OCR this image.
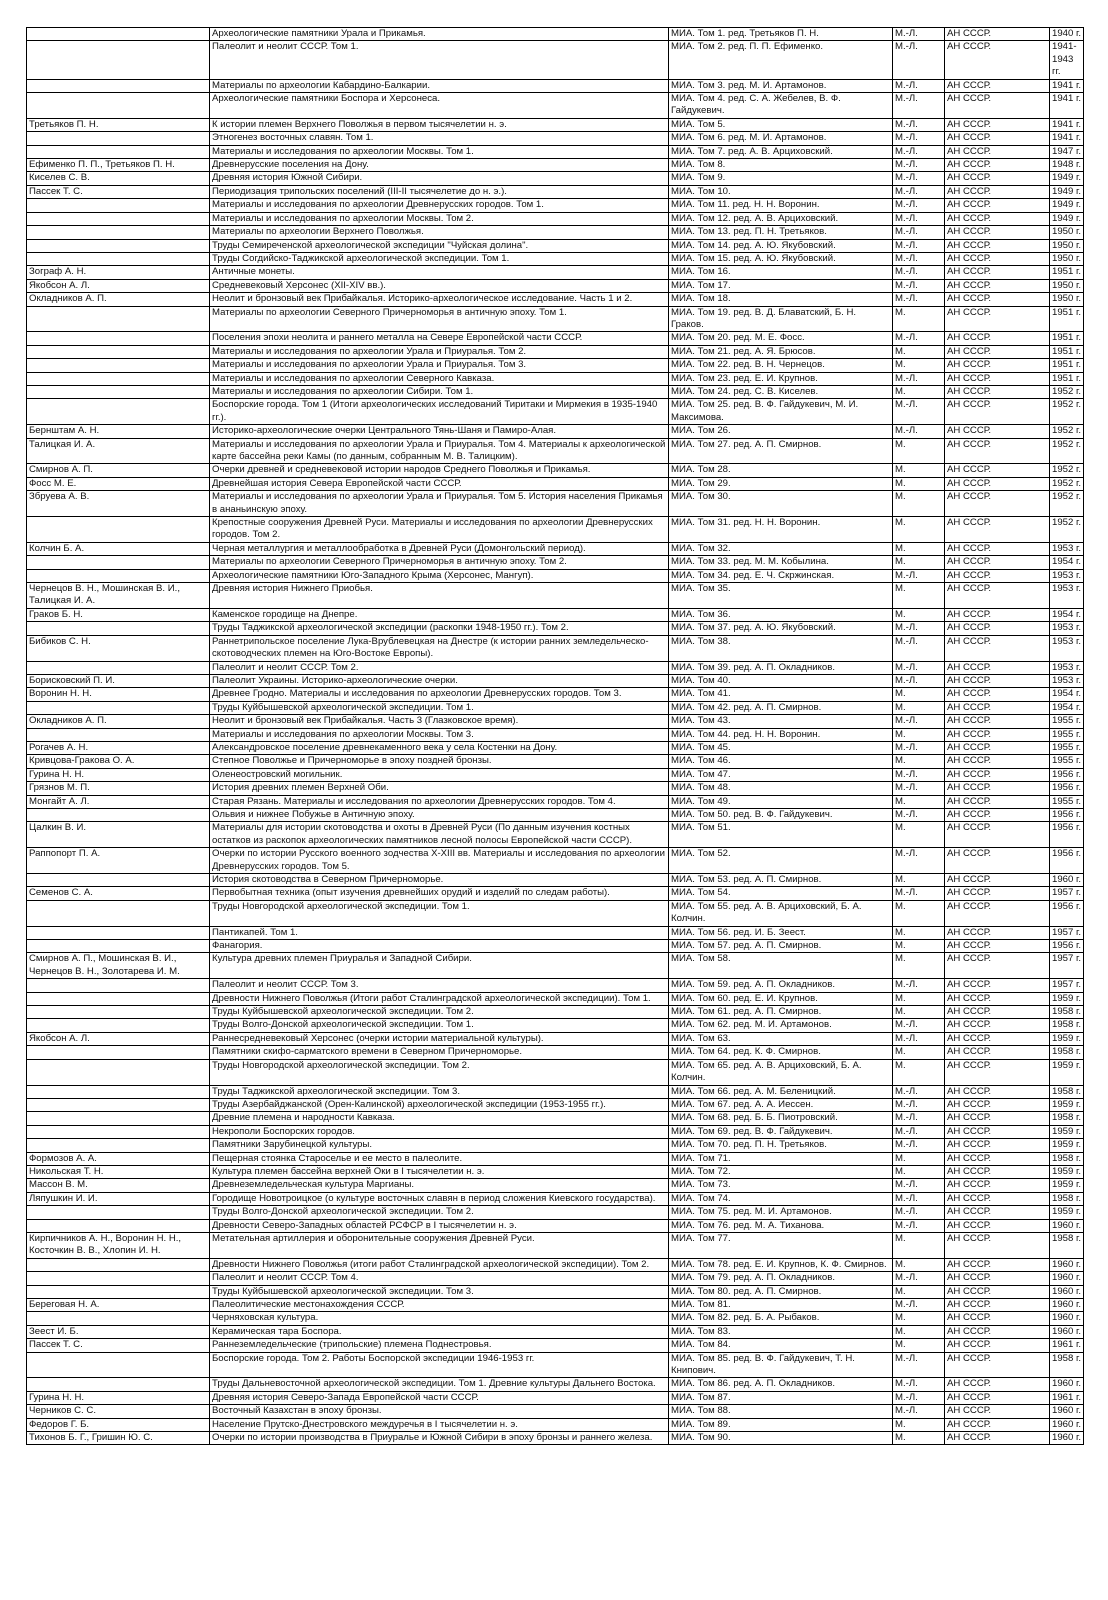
	Археологические памятники Урала и Прикамья.	МИА. Том 1. ред. Третьяков П. Н.	М.-Л.	АН СССР.	1940 г.
	Палеолит и неолит СССР. Том 1.	МИА. Том 2. ред. П. П. Ефименко.	М.-Л.	АН СССР.	1941-1943 гг.
	Материалы по археологии Кабардино-Балкарии.	МИА. Том 3. ред. М. И. Артамонов.	М.-Л.	АН СССР.	1941 г.
	Археологические памятники Боспора и Херсонеса.	МИА. Том 4. ред. С. А. Жебелев, В. Ф. Гайдукевич.	М.-Л.	АН СССР.	1941 г.
Третьяков П. Н.	К истории племен Верхнего Поволжья в первом тысячелетии н. э.	МИА. Том 5.	М.-Л.	АН СССР.	1941 г.
	Этногенез восточных славян. Том 1.	МИА. Том 6. ред. М. И. Артамонов.	М.-Л.	АН СССР.	1941 г.
	Материалы и исследования по археологии Москвы. Том 1.	МИА. Том 7. ред. А. В. Арциховский.	М.-Л.	АН СССР.	1947 г.
Ефименко П. П., Третьяков П. Н.	Древнерусские поселения на Дону.	МИА. Том 8.	М.-Л.	АН СССР.	1948 г.
Киселев С. В.	Древняя история Южной Сибири.	МИА. Том 9.	М.-Л.	АН СССР.	1949 г.
Пассек Т. С.	Периодизация трипольских поселений (III-II тысячелетие до н. э.).	МИА. Том 10.	М.-Л.	АН СССР.	1949 г.
	Материалы и исследования по археологии Древнерусских городов. Том 1.	МИА. Том 11. ред. Н. Н. Воронин.	М.-Л.	АН СССР.	1949 г.
	Материалы и исследования по археологии Москвы. Том 2.	МИА. Том 12. ред. А. В. Арциховский.	М.-Л.	АН СССР.	1949 г.
	Материалы по археологии Верхнего Поволжья.	МИА. Том 13. ред. П. Н. Третьяков.	М.-Л.	АН СССР.	1950 г.
	Труды Семиреченской археологической экспедиции "Чуйская долина".	МИА. Том 14. ред. А. Ю. Якубовский.	М.-Л.	АН СССР.	1950 г.
	Труды Согдийско-Таджикской археологической экспедиции. Том 1.	МИА. Том 15. ред. А. Ю. Якубовский.	М.-Л.	АН СССР.	1950 г.
Зограф А. Н.	Античные монеты.	МИА. Том 16.	М.-Л.	АН СССР.	1951 г.
Якобсон А. Л.	Средневековый Херсонес (XII-XIV вв.).	МИА. Том 17.	М.-Л.	АН СССР.	1950 г.
Окладников А. П.	Неолит и бронзовый век Прибайкалья. Историко-археологическое исследование. Часть 1 и 2.	МИА. Том 18.	М.-Л.	АН СССР.	1950 г.
	Материалы по археологии Северного Причерноморья в античную эпоху. Том 1.	МИА. Том 19. ред. В. Д. Блаватский, Б. Н. Граков.	М.	АН СССР.	1951 г.
	Поселения эпохи неолита и раннего металла на Севере Европейской части СССР.	МИА. Том 20. ред. М. Е. Фосс.	М.-Л.	АН СССР.	1951 г.
	Материалы и исследования по археологии Урала и Приуралья. Том 2.	МИА. Том 21. ред. А. Я. Брюсов.	М.	АН СССР.	1951 г.
	Материалы и исследования по археологии Урала и Приуралья. Том 3.	МИА. Том 22. ред. В. Н. Чернецов.	М.	АН СССР.	1951 г.
	Материалы и исследования по археологии Северного Кавказа.	МИА. Том 23. ред. Е. И. Крупнов.	М.-Л.	АН СССР.	1951 г.
	Материалы и исследования по археологии Сибири. Том 1.	МИА. Том 24. ред. С. В. Киселев.	М.	АН СССР.	1952 г.
	Боспорские города. Том 1 (Итоги археологических исследований Тиритаки и Мирмекия в 1935-1940 гг.).	МИА. Том 25. ред. В. Ф. Гайдукевич, М. И. Максимова.	М.-Л.	АН СССР.	1952 г.
Бернштам А. Н.	Историко-археологические очерки Центрального Тянь-Шаня и Памиро-Алая.	МИА. Том 26.	М.-Л.	АН СССР.	1952 г.
Талицкая И. А.	Материалы и исследования по археологии Урала и Приуралья. Том 4. Материалы к археологической карте бассейна реки Камы (по данным, собранным М. В. Талицким).	МИА. Том 27. ред. А. П. Смирнов.	М.	АН СССР.	1952 г.
Смирнов А. П.	Очерки древней и средневековой истории народов Среднего Поволжья и Прикамья.	МИА. Том 28.	М.	АН СССР.	1952 г.
Фосс М. Е.	Древнейшая история Севера Европейской части СССР.	МИА. Том 29.	М.	АН СССР.	1952 г.
Збруева А. В.	Материалы и исследования по археологии Урала и Приуралья. Том 5. История населения Прикамья в ананьинскую эпоху.	МИА. Том 30.	М.	АН СССР.	1952 г.
	Крепостные сооружения Древней Руси. Материалы и исследования по археологии Древнерусских городов. Том 2.	МИА. Том 31. ред. Н. Н. Воронин.	М.	АН СССР.	1952 г.
Колчин Б. А.	Черная металлургия и металлообработка в Древней Руси (Домонгольский период).	МИА. Том 32.	М.	АН СССР.	1953 г.
	Материалы по археологии Северного Причерноморья в античную эпоху. Том 2.	МИА. Том 33. ред. М. М. Кобылина.	М.	АН СССР.	1954 г.
	Археологические памятники Юго-Западного Крыма (Херсонес, Мангуп).	МИА. Том 34. ред. Е. Ч. Скржинская.	М.-Л.	АН СССР.	1953 г.
Чернецов В. Н., Мошинская В. И., Талицкая И. А.	Древняя история Нижнего Приобья.	МИА. Том 35.	М.	АН СССР.	1953 г.
Граков Б. Н.	Каменское городище на Днепре.	МИА. Том 36.	М.	АН СССР.	1954 г.
	Труды Таджикской археологической экспедиции (раскопки 1948-1950 гг.). Том 2.	МИА. Том 37. ред. А. Ю. Якубовский.	М.-Л.	АН СССР.	1953 г.
Бибиков С. Н.	Раннетрипольское поселение Лука-Врублевецкая на Днестре (к истории ранних земледельческо-скотоводческих племен на Юго-Востоке Европы).	МИА. Том 38.	М.-Л.	АН СССР.	1953 г.
	Палеолит и неолит СССР. Том 2.	МИА. Том 39. ред. А. П. Окладников.	М.-Л.	АН СССР.	1953 г.
Борисковский П. И.	Палеолит Украины. Историко-археологические очерки.	МИА. Том 40.	М.-Л.	АН СССР.	1953 г.
Воронин Н. Н.	Древнее Гродно. Материалы и исследования по археологии Древнерусских городов. Том 3.	МИА. Том 41.	М.	АН СССР.	1954 г.
	Труды Куйбышевской археологической экспедиции. Том 1.	МИА. Том 42. ред. А. П. Смирнов.	М.	АН СССР.	1954 г.
Окладников А. П.	Неолит и бронзовый век Прибайкалья. Часть 3 (Глазковское время).	МИА. Том 43.	М.-Л.	АН СССР.	1955 г.
	Материалы и исследования по археологии Москвы. Том 3.	МИА. Том 44. ред. Н. Н. Воронин.	М.	АН СССР.	1955 г.
Рогачев А. Н.	Александровское поселение древнекаменного века у села Костенки на Дону.	МИА. Том 45.	М.-Л.	АН СССР.	1955 г.
Кривцова-Гракова О. А.	Степное Поволжье и Причерноморье в эпоху поздней бронзы.	МИА. Том 46.	М.	АН СССР.	1955 г.
Гурина Н. Н.	Оленеостровский могильник.	МИА. Том 47.	М.-Л.	АН СССР.	1956 г.
Грязнов М. П.	История древних племен Верхней Оби.	МИА. Том 48.	М.-Л.	АН СССР.	1956 г.
Монгайт А. Л.	Старая Рязань. Материалы и исследования по археологии Древнерусских городов. Том 4.	МИА. Том 49.	М.	АН СССР.	1955 г.
	Ольвия и нижнее Побужье в Античную эпоху.	МИА. Том 50. ред. В. Ф. Гайдукевич.	М.-Л.	АН СССР.	1956 г.
Цалкин В. И.	Материалы для истории скотоводства и охоты в Древней Руси (По данным изучения костных остатков из раскопок археологических памятников лесной полосы Европейской части СССР).	МИА. Том 51.	М.	АН СССР.	1956 г.
Раппопорт П. А.	Очерки по истории Русского военного зодчества X-XIII вв. Материалы и исследования по археологии Древнерусских городов. Том 5.	МИА. Том 52.	М.-Л.	АН СССР.	1956 г.
	История скотоводства в Северном Причерноморье.	МИА. Том 53. ред. А. П. Смирнов.	М.	АН СССР.	1960 г.
Семенов С. А.	Первобытная техника (опыт изучения древнейших орудий и изделий по следам работы).	МИА. Том 54.	М.-Л.	АН СССР.	1957 г.
	Труды Новгородской археологической экспедиции. Том 1.	МИА. Том 55. ред. А. В. Арциховский, Б. А. Колчин.	М.	АН СССР.	1956 г.
	Пантикапей. Том 1.	МИА. Том 56. ред. И. Б. Зеест.	М.	АН СССР.	1957 г.
	Фанагория.	МИА. Том 57. ред. А. П. Смирнов.	М.	АН СССР.	1956 г.
Смирнов А. П., Мошинская В. И., Чернецов В. Н., Золотарева И. М.	Культура древних племен Приуралья и Западной Сибири.	МИА. Том 58.	М.	АН СССР.	1957 г.
	Палеолит и неолит СССР. Том 3.	МИА. Том 59. ред. А. П. Окладников.	М.-Л.	АН СССР.	1957 г.
	Древности Нижнего Поволжья (Итоги работ Сталинградской археологической экспедиции). Том 1.	МИА. Том 60. ред. Е. И. Крупнов.	М.	АН СССР.	1959 г.
	Труды Куйбышевской археологической экспедиции. Том 2.	МИА. Том 61. ред. А. П. Смирнов.	М.	АН СССР.	1958 г.
	Труды Волго-Донской археологической экспедиции. Том 1.	МИА. Том 62. ред. М. И. Артамонов.	М.-Л.	АН СССР.	1958 г.
Якобсон А. Л.	Раннесредневековый Херсонес (очерки истории материальной культуры).	МИА. Том 63.	М.-Л.	АН СССР.	1959 г.
	Памятники скифо-сарматского времени в Северном Причерноморье.	МИА. Том 64. ред. К. Ф. Смирнов.	М.	АН СССР.	1958 г.
	Труды Новгородской археологической экспедиции. Том 2.	МИА. Том 65. ред. А. В. Арциховский, Б. А. Колчин.	М.	АН СССР.	1959 г.
	Труды Таджикской археологической экспедиции. Том 3.	МИА. Том 66. ред. А. М. Беленицкий.	М.-Л.	АН СССР.	1958 г.
	Труды Азербайджанской (Орен-Калинской) археологической экспедиции (1953-1955 гг.).	МИА. Том 67. ред. А. А. Иессен.	М.-Л.	АН СССР.	1959 г.
	Древние племена и народности Кавказа.	МИА. Том 68. ред. Б. Б. Пиотровский.	М.-Л.	АН СССР.	1958 г.
	Некрополи Боспорских городов.	МИА. Том 69. ред. В. Ф. Гайдукевич.	М.-Л.	АН СССР.	1959 г.
	Памятники Зарубинецкой культуры.	МИА. Том 70. ред. П. Н. Третьяков.	М.-Л.	АН СССР.	1959 г.
Формозов А. А.	Пещерная стоянка Староселье и ее место в палеолите.	МИА. Том 71.	М.	АН СССР.	1958 г.
Никольская Т. Н.	Культура племен бассейна верхней Оки в I тысячелетии н. э.	МИА. Том 72.	М.	АН СССР.	1959 г.
Массон В. М.	Древнеземледельческая культура Маргианы.	МИА. Том 73.	М.-Л.	АН СССР.	1959 г.
Ляпушкин И. И.	Городище Новотроицкое (о культуре восточных славян в период сложения Киевского государства).	МИА. Том 74.	М.-Л.	АН СССР.	1958 г.
	Труды Волго-Донской археологической экспедиции. Том 2.	МИА. Том 75. ред. М. И. Артамонов.	М.-Л.	АН СССР.	1959 г.
	Древности Северо-Западных областей РСФСР в I тысячелетии н. э.	МИА. Том 76. ред. М. А. Тиханова.	М.-Л.	АН СССР.	1960 г.
Кирпичников А. Н., Воронин Н. Н., Косточкин В. В., Хлопин И. Н.	Метательная артиллерия и оборонительные сооружения Древней Руси.	МИА. Том 77.	М.	АН СССР.	1958 г.
	Древности Нижнего Поволжья (итоги работ Сталинградской археологической экспедиции). Том 2.	МИА. Том 78. ред. Е. И. Крупнов, К. Ф. Смирнов.	М.	АН СССР.	1960 г.
	Палеолит и неолит СССР. Том 4.	МИА. Том 79. ред. А. П. Окладников.	М.-Л.	АН СССР.	1960 г.
	Труды Куйбышевской археологической экспедиции. Том 3.	МИА. Том 80. ред. А. П. Смирнов.	М.	АН СССР.	1960 г.
Береговая Н. А.	Палеолитические местонахождения СССР.	МИА. Том 81.	М.-Л.	АН СССР.	1960 г.
	Черняховская культура.	МИА. Том 82. ред. Б. А. Рыбаков.	М.	АН СССР.	1960 г.
Зеест И. Б.	Керамическая тара Боспора.	МИА. Том 83.	М.	АН СССР.	1960 г.
Пассек Т. С.	Раннеземледельческие (трипольские) племена Поднестровья.	МИА. Том 84.	М.	АН СССР.	1961 г.
	Боспорские города. Том 2. Работы Боспорской экспедиции 1946-1953 гг.	МИА. Том 85. ред. В. Ф. Гайдукевич, Т. Н. Книпович.	М.-Л.	АН СССР.	1958 г.
	Труды Дальневосточной археологической экспедиции. Том 1. Древние культуры Дальнего Востока.	МИА. Том 86. ред. А. П. Окладников.	М.-Л.	АН СССР.	1960 г.
Гурина Н. Н.	Древняя история Северо-Запада Европейской части СССР.	МИА. Том 87.	М.-Л.	АН СССР.	1961 г.
Черников С. С.	Восточный Казахстан в эпоху бронзы.	МИА. Том 88.	М.-Л.	АН СССР.	1960 г.
Федоров Г. Б.	Население Прутско-Днестровского междуречья в I тысячелетии н. э.	МИА. Том 89.	М.	АН СССР.	1960 г.
Тихонов Б. Г., Гришин Ю. С.	Очерки по истории производства в Приуралье и Южной Сибири в эпоху бронзы и раннего железа.	МИА. Том 90.	М.	АН СССР.	1960 г.
